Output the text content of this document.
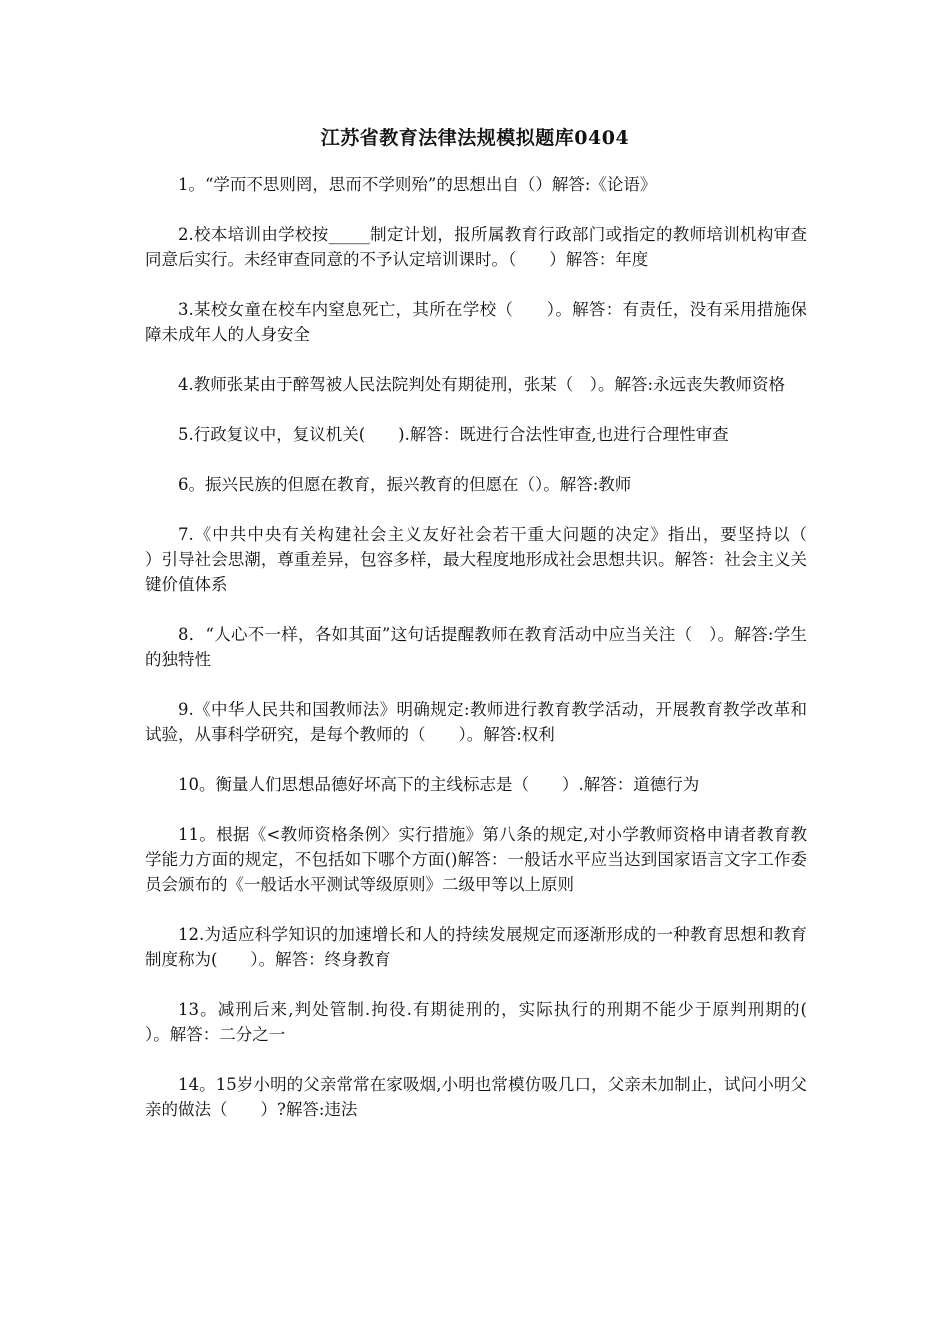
江苏省教育法律法规模拟题库0404
1。“学而不思则罔，思而不学则殆”的思想出自（）解答:《论语》
2.校本培训由学校按_____制定计划，报所属教育行政部门或指定的教师培训机构审查同意后实行。未经审查同意的不予认定培训课时。（　　）解答：年度
3.某校女童在校车内窒息死亡，其所在学校（　　）。解答：有责任，没有采用措施保障未成年人的人身安全
4.教师张某由于醉驾被人民法院判处有期徒刑，张某（　）。解答:永远丧失教师资格
5.行政复议中，复议机关(　　).解答：既进行合法性审查,也进行合理性审查
6。振兴民族的但愿在教育，振兴教育的但愿在（）。解答:教师
7.《中共中央有关构建社会主义友好社会若干重大问题的决定》指出，要坚持以（　　）引导社会思潮，尊重差异，包容多样，最大程度地形成社会思想共识。解答：社会主义关键价值体系
8．“人心不一样，各如其面”这句话提醒教师在教育活动中应当关注（　）。解答:学生的独特性
9.《中华人民共和国教师法》明确规定:教师进行教育教学活动，开展教育教学改革和试验，从事科学研究，是每个教师的（　　）。解答:权利
10。衡量人们思想品德好坏高下的主线标志是（　　）.解答：道德行为
11。根据《<教师资格条例〉实行措施》第八条的规定,对小学教师资格申请者教育教学能力方面的规定，不包括如下哪个方面()解答：一般话水平应当达到国家语言文字工作委员会颁布的《一般话水平测试等级原则》二级甲等以上原则
12.为适应科学知识的加速增长和人的持续发展规定而逐渐形成的一种教育思想和教育制度称为(　　）。解答：终身教育
13。减刑后来,判处管制.拘役.有期徒刑的，实际执行的刑期不能少于原判刑期的(　　）。解答：二分之一
14。15岁小明的父亲常常在家吸烟,小明也常模仿吸几口，父亲未加制止，试问小明父亲的做法（　　）?解答:违法
